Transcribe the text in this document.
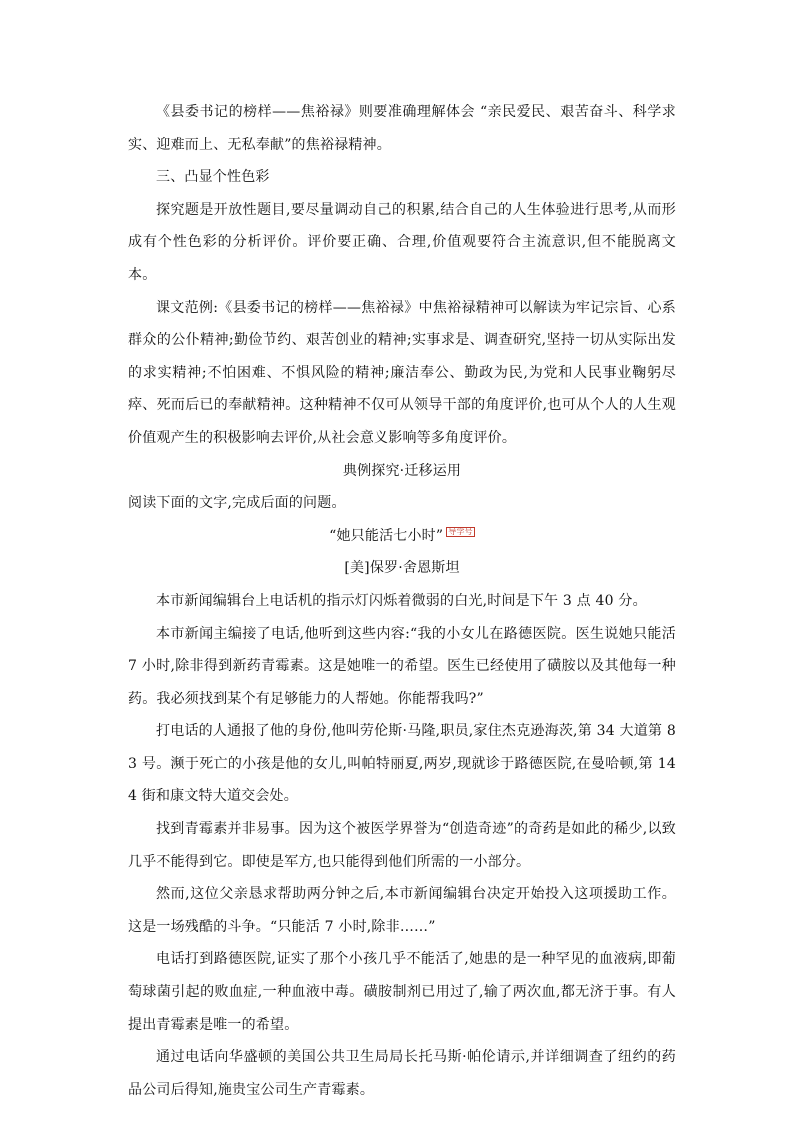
《县委书记的榜样——焦裕禄》则要准确理解体会 “亲民爱民、艰苦奋斗、科学求实、迎难而上、无私奉献”的焦裕禄精神。

三、凸显个性色彩

探究题是开放性题目,要尽量调动自己的积累,结合自己的人生体验进行思考,从而形成有个性色彩的分析评价。评价要正确、合理,价值观要符合主流意识,但不能脱离文本。

课文范例:《县委书记的榜样——焦裕禄》中焦裕禄精神可以解读为牢记宗旨、心系群众的公仆精神;勤俭节约、艰苦创业的精神;实事求是、调查研究,坚持一切从实际出发的求实精神;不怕困难、不惧风险的精神;廉洁奉公、勤政为民,为党和人民事业鞠躬尽瘁、死而后已的奉献精神。这种精神不仅可从领导干部的角度评价,也可从个人的人生观价值观产生的积极影响去评价,从社会意义影响等多角度评价。

典例探究·迁移运用

阅读下面的文字,完成后面的问题。

“她只能活七小时” 导学号

[美]保罗·舍恩斯坦

本市新闻编辑台上电话机的指示灯闪烁着微弱的白光,时间是下午 3 点 40 分。

本市新闻主编接了电话,他听到这些内容:“我的小女儿在路德医院。医生说她只能活 7 小时,除非得到新药青霉素。这是她唯一的希望。医生已经使用了磺胺以及其他每一种药。我必须找到某个有足够能力的人帮她。你能帮我吗?”

打电话的人通报了他的身份,他叫劳伦斯·马隆,职员,家住杰克逊海茨,第 34 大道第 83 号。濒于死亡的小孩是他的女儿,叫帕特丽夏,两岁,现就诊于路德医院,在曼哈顿,第 144 街和康文特大道交会处。

找到青霉素并非易事。因为这个被医学界誉为“创造奇迹”的奇药是如此的稀少,以致几乎不能得到它。即使是军方,也只能得到他们所需的一小部分。

然而,这位父亲恳求帮助两分钟之后,本市新闻编辑台决定开始投入这项援助工作。这是一场残酷的斗争。“只能活 7 小时,除非……”

电话打到路德医院,证实了那个小孩几乎不能活了,她患的是一种罕见的血液病,即葡萄球菌引起的败血症,一种血液中毒。磺胺制剂已用过了,输了两次血,都无济于事。有人提出青霉素是唯一的希望。

通过电话向华盛顿的美国公共卫生局局长托马斯·帕伦请示,并详细调查了纽约的药品公司后得知,施贵宝公司生产青霉素。
